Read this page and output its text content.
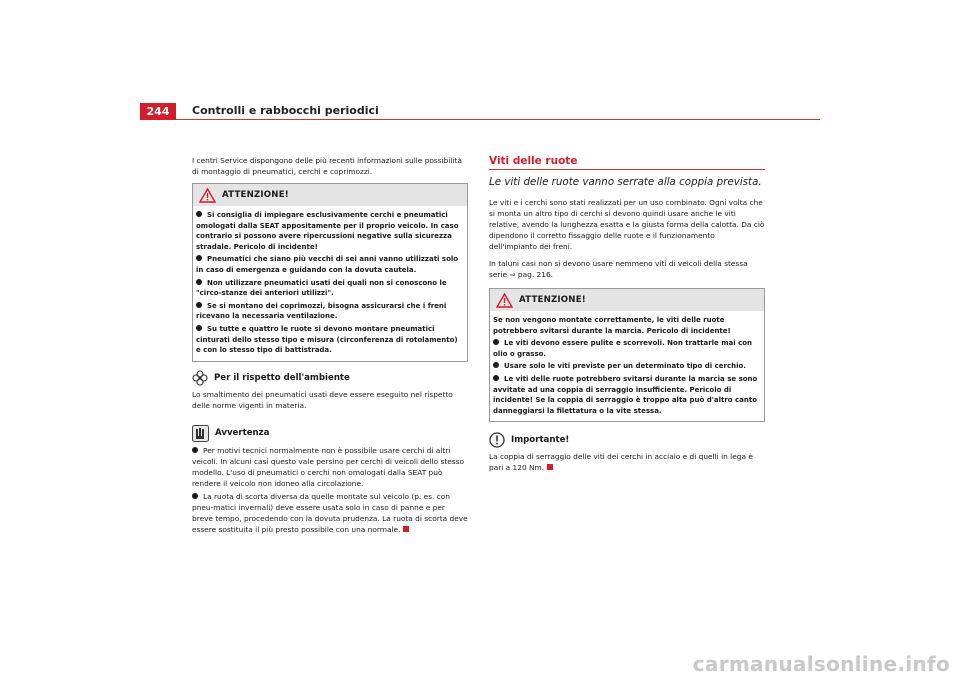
244	Controlli e rabbocchi periodici

I centri Service dispongono delle più recenti informazioni sulle possibilità di montaggio di pneumatici, cerchi e coprimozzi.

ATTENZIONE!

Si consiglia di impiegare esclusivamente cerchi e pneumatici omologati dalla SEAT appositamente per il proprio veicolo. In caso contrario si possono avere ripercussioni negative sulla sicurezza stradale. Pericolo di incidente!

Pneumatici che siano più vecchi di sei anni vanno utilizzati solo in caso di emergenza e guidando con la dovuta cautela.

Non utilizzare pneumatici usati dei quali non si conoscono le "circo-stanze dei anteriori utilizzi".

Se si montano dei coprimozzi, bisogna assicurarsi che i freni ricevano la necessaria ventilazione.

Su tutte e quattro le ruote si devono montare pneumatici cinturati dello stesso tipo e misura (circonferenza di rotolamento) e con lo stesso tipo di battistrada.

Per il rispetto dell'ambiente

Lo smaltimento dei pneumatici usati deve essere eseguito nel rispetto delle norme vigenti in materia.

Avvertenza

Per motivi tecnici normalmente non è possibile usare cerchi di altri veicoli. In alcuni casi questo vale persino per cerchi di veicoli dello stesso modello. L'uso di pneumatici o cerchi non omologati dalla SEAT può rendere il veicolo non idoneo alla circolazione.

La ruota di scorta diversa da quelle montate sul veicolo (p. es. con pneu-matici invernali) deve essere usata solo in caso di panne e per breve tempo, procedendo con la dovuta prudenza. La ruota di scorta deve essere sostituita il più presto possibile con una normale.

Viti delle ruote
Le viti delle ruote vanno serrate alla coppia prevista.

Le viti e i cerchi sono stati realizzati per un uso combinato. Ogni volta che si monta un altro tipo di cerchi si devono quindi usare anche le viti relative, avendo la lunghezza esatta e la giusta forma della calotta. Da ciò dipendono il corretto fissaggio delle ruote e il funzionamento dell'impianto dei freni.

In taluni casi non si devono usare nemmeno viti di veicoli della stessa serie ⇒ pag. 216.

ATTENZIONE!

Se non vengono montate correttamente, le viti delle ruote potrebbero svitarsi durante la marcia. Pericolo di incidente!

Le viti devono essere pulite e scorrevoli. Non trattarle mai con olio o grasso.

Usare solo le viti previste per un determinato tipo di cerchio.

Le viti delle ruote potrebbero svitarsi durante la marcia se sono avvitate ad una coppia di serraggio insufficiente. Pericolo di incidente! Se la coppia di serraggio è troppo alta può d'altro canto danneggiarsi la filettatura o la vite stessa.

Importante!

La coppia di serraggio delle viti dei cerchi in acciaio e di quelli in lega è pari a 120 Nm.

carmanualsonline.info
